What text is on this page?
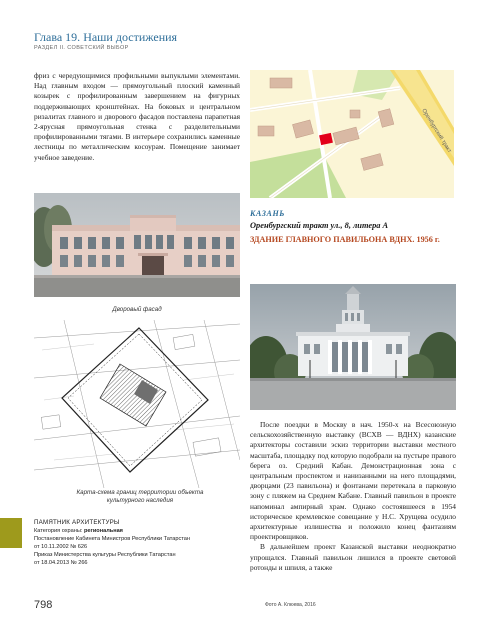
Глава 19. Наши достижения
РАЗДЕЛ II. СОВЕТСКИЙ ВЫБОР
фриз с чередующимися профильными выпуклыми элементами. Над главным входом — прямоугольный плоский каменный козырек с профилированным завершением на фигурных поддерживающих кронштейнах. На боковых и центральном ризалитах главного и дворового фасадов поставлена парапетная 2-ярусная прямоугольная стенка с разделительными профилированными тягами. В интерьере сохранились каменные лестницы по металлическим косоурам. Помещение занимает учебное заведение.
Дворовый фасад
Карта-схема границ территории объекта культурного наследия
ПАМЯТНИК АРХИТЕКТУРЫ
Категория охраны: региональная
Постановление Кабинета Министров Республики Татарстан
от 10.11.2002 № 626
Приказ Министерства культуры Республики Татарстан
от 18.04.2013 № 266
798
Оренбургский тракт
КАЗАНЬ
Оренбургский тракт ул., 8, литера А
ЗДАНИЕ ГЛАВНОГО ПАВИЛЬОНА ВДНХ. 1956 г.

После поездки в Москву в нач. 1950-х на Всесоюзную сельскохозяйственную выставку (ВСХВ — ВДНХ) казанские архитекторы составили эскиз территории выставки местного масштаба, площадку под которую подобрали на пустыре правого берега оз. Средний Кабан. Демонстрационная зона с центральным проспектом и нанизанными на него площадями, дворцами (23 павильона) и фонтанами перетекала в парковую зону с пляжем на Среднем Кабане. Главный павильон в проекте напоминал ампирный храм. Однако состоявшееся в 1954 историческое кремлевское совещание у Н.С. Хрущева осудило архитектурные излишества и положило конец фантазиям проектировщиков.

В дальнейшем проект Казанской выставки неоднократно упрощался. Главный павильон лишился в проекте световой ротонды и шпиля, а также

Фото А. Клюева, 2016
